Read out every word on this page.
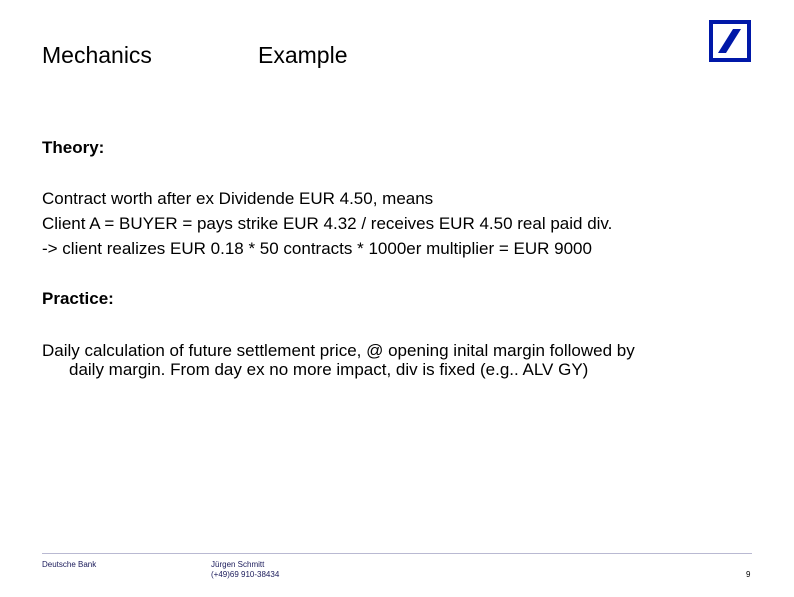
Mechanics	Example
Theory:
Contract worth after ex Dividende EUR 4.50, means
Client A = BUYER = pays strike EUR 4.32 / receives EUR 4.50 real paid div.
-> client realizes EUR 0.18 * 50 contracts * 1000er multiplier = EUR 9000
Practice:
Daily calculation of future settlement price, @ opening inital margin followed by
daily margin. From day ex no more impact, div is fixed (e.g.. ALV GY)
Deutsche Bank	Jürgen Schmitt
(+49)69 910-38434	9
